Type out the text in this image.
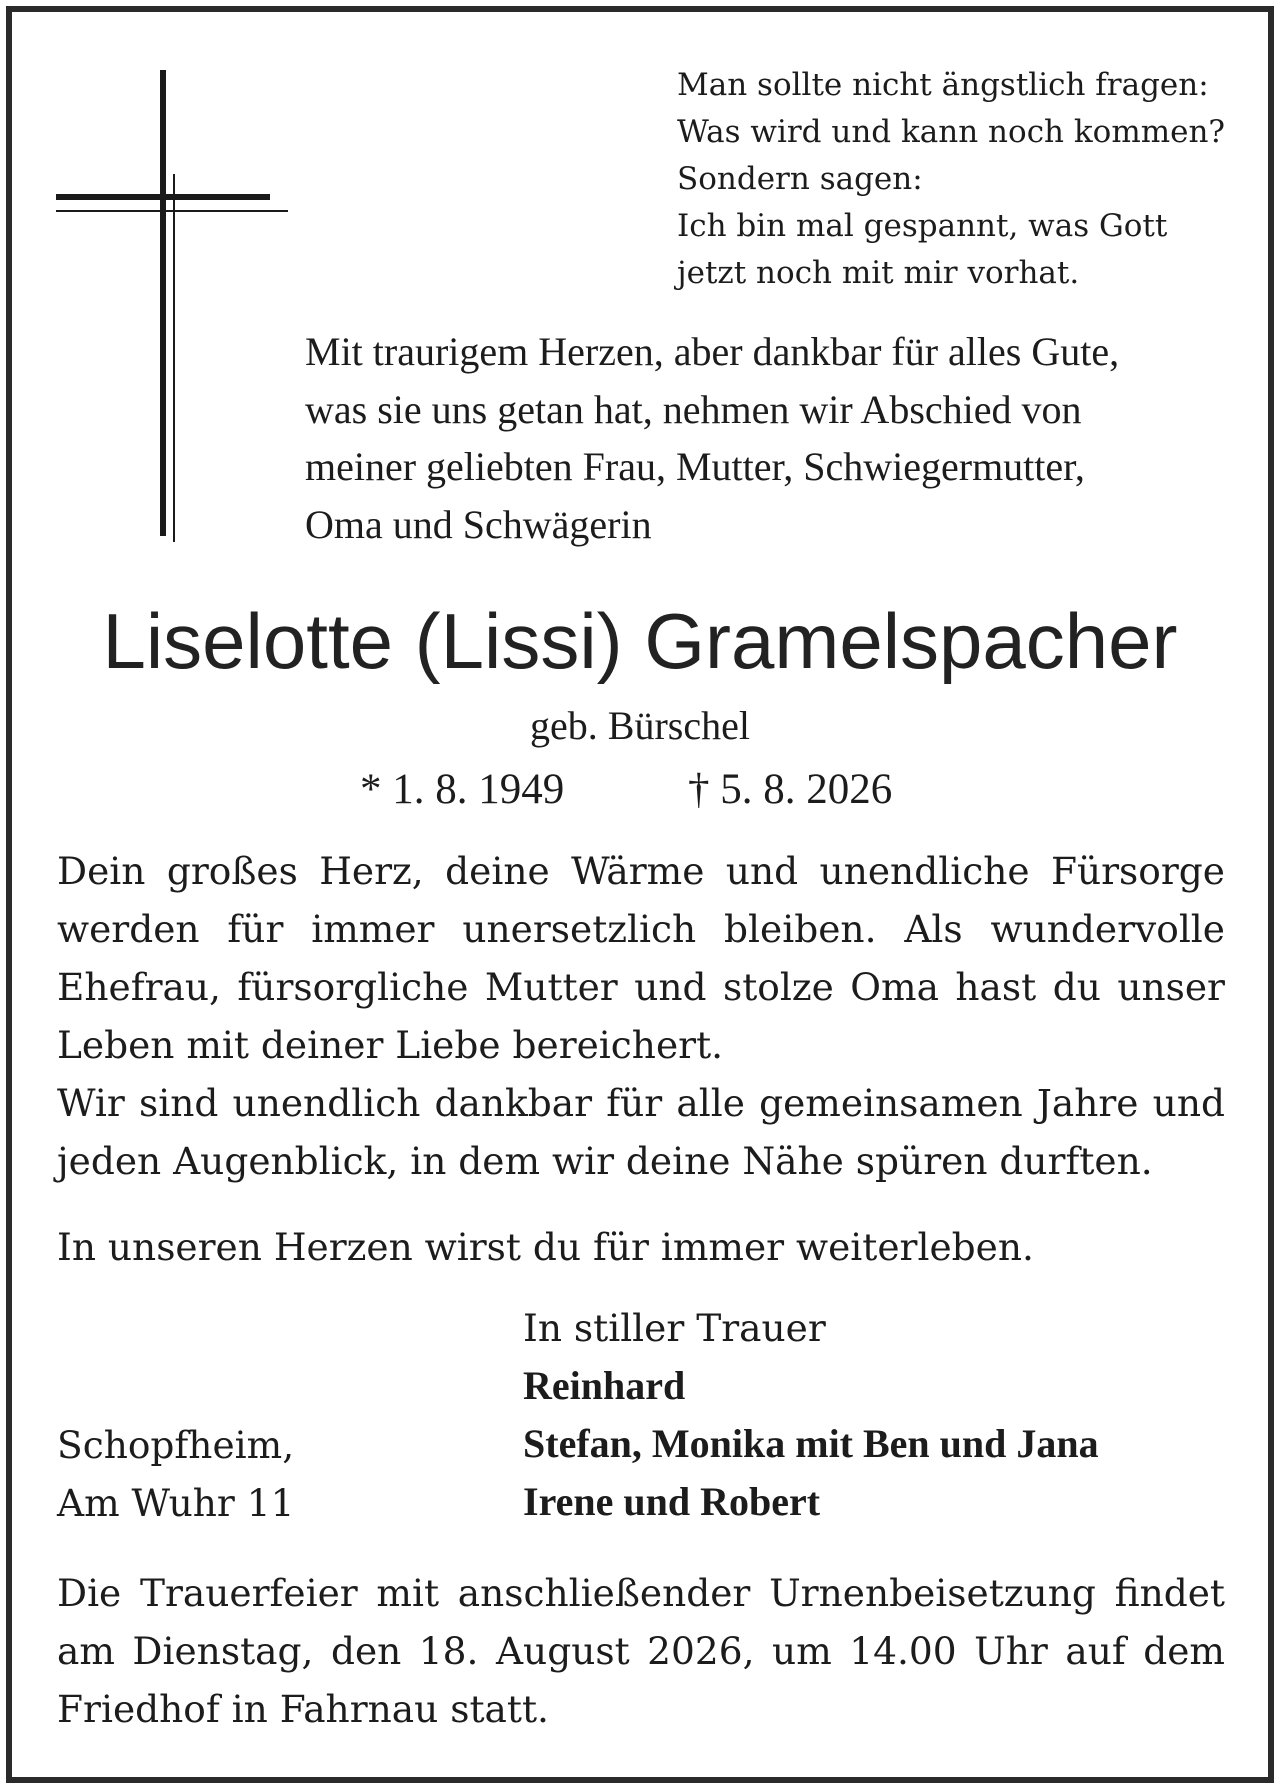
Man sollte nicht ängstlich fragen:
Was wird und kann noch kommen?
Sondern sagen:
Ich bin mal gespannt, was Gott
jetzt noch mit mir vorhat.
Mit traurigem Herzen, aber dankbar für alles Gute,
was sie uns getan hat, nehmen wir Abschied von
meiner geliebten Frau, Mutter, Schwiegermutter,
Oma und Schwägerin
Liselotte (Lissi) Gramelspacher
geb. Bürschel
* 1. 8. 1949	† 5. 8. 2026

Dein großes Herz, deine Wärme und unendliche Fürsorge werden für immer unersetzlich bleiben. Als wundervolle Ehefrau, fürsorgliche Mutter und stolze Oma hast du unser Leben mit deiner Liebe bereichert.

Wir sind unendlich dankbar für alle gemeinsamen Jahre und jeden Augenblick, in dem wir deine Nähe spüren durften.

In unseren Herzen wirst du für immer weiterleben.
In stiller Trauer
Reinhard
Stefan, Monika mit Ben und Jana
Irene und Robert
Schopfheim,
Am Wuhr 11

Die Trauerfeier mit anschließender Urnenbeisetzung findet am Dienstag, den 18. August 2026, um 14.00 Uhr auf dem Friedhof in Fahrnau statt.
